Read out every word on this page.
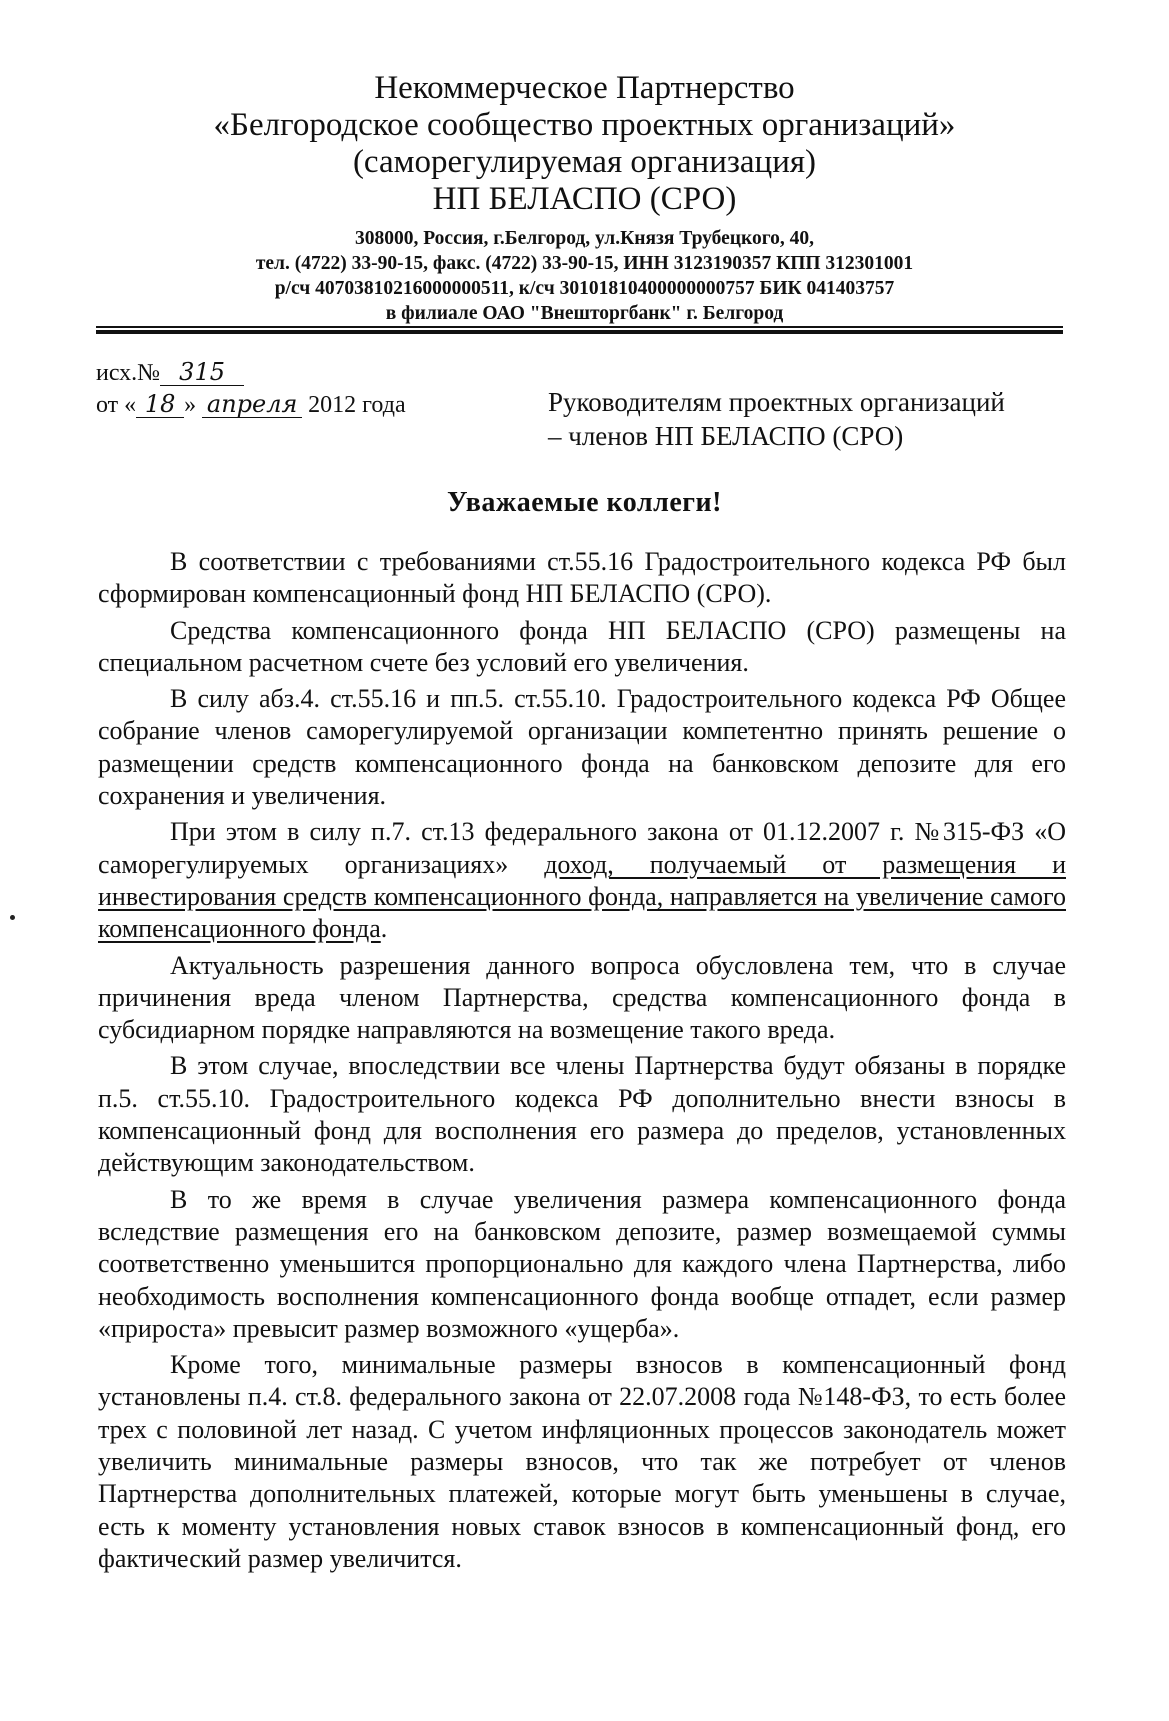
Некоммерческое Партнерство
«Белгородское сообщество проектных организаций»
(саморегулируемая организация)
НП БЕЛАСПО (СРО)
308000, Россия, г.Белгород, ул.Князя Трубецкого, 40,
тел. (4722) 33-90-15, факс. (4722) 33-90-15, ИНН 3123190357 КПП 312301001
р/сч 40703810216000000511, к/сч 30101810400000000757 БИК 041403757
в филиале ОАО "Внешторгбанк" г. Белгород
исх.№ 315
от « 18 » апреля 2012 года	Руководителям проектных организаций
– членов НП БЕЛАСПО (СРО)
Уважаемые коллеги!

В соответствии с требованиями ст.55.16 Градостроительного кодекса РФ был сформирован компенсационный фонд НП БЕЛАСПО (СРО).

Средства компенсационного фонда НП БЕЛАСПО (СРО) размещены на специальном расчетном счете без условий его увеличения.

В силу абз.4. ст.55.16 и пп.5. ст.55.10. Градостроительного кодекса РФ Общее собрание членов саморегулируемой организации компетентно принять решение о размещении средств компенсационного фонда на банковском депозите для его сохранения и увеличения.

При этом в силу п.7. ст.13 федерального закона от 01.12.2007 г. №315-ФЗ «О саморегулируемых организациях» доход, получаемый от размещения и инвестирования средств компенсационного фонда, направляется на увеличение самого компенсационного фонда.

Актуальность разрешения данного вопроса обусловлена тем, что в случае причинения вреда членом Партнерства, средства компенсационного фонда в субсидиарном порядке направляются на возмещение такого вреда.

В этом случае, впоследствии все члены Партнерства будут обязаны в порядке п.5. ст.55.10. Градостроительного кодекса РФ дополнительно внести взносы в компенсационный фонд для восполнения его размера до пределов, установленных действующим законодательством.

В то же время в случае увеличения размера компенсационного фонда вследствие размещения его на банковском депозите, размер возмещаемой суммы соответственно уменьшится пропорционально для каждого члена Партнерства, либо необходимость восполнения компенсационного фонда вообще отпадет, если размер «прироста» превысит размер возможного «ущерба».

Кроме того, минимальные размеры взносов в компенсационный фонд установлены п.4. ст.8. федерального закона от 22.07.2008 года №148-ФЗ, то есть более трех с половиной лет назад. С учетом инфляционных процессов законодатель может увеличить минимальные размеры взносов, что так же потребует от членов Партнерства дополнительных платежей, которые могут быть уменьшены в случае, есть к моменту установления новых ставок взносов в компенсационный фонд, его фактический размер увеличится.
